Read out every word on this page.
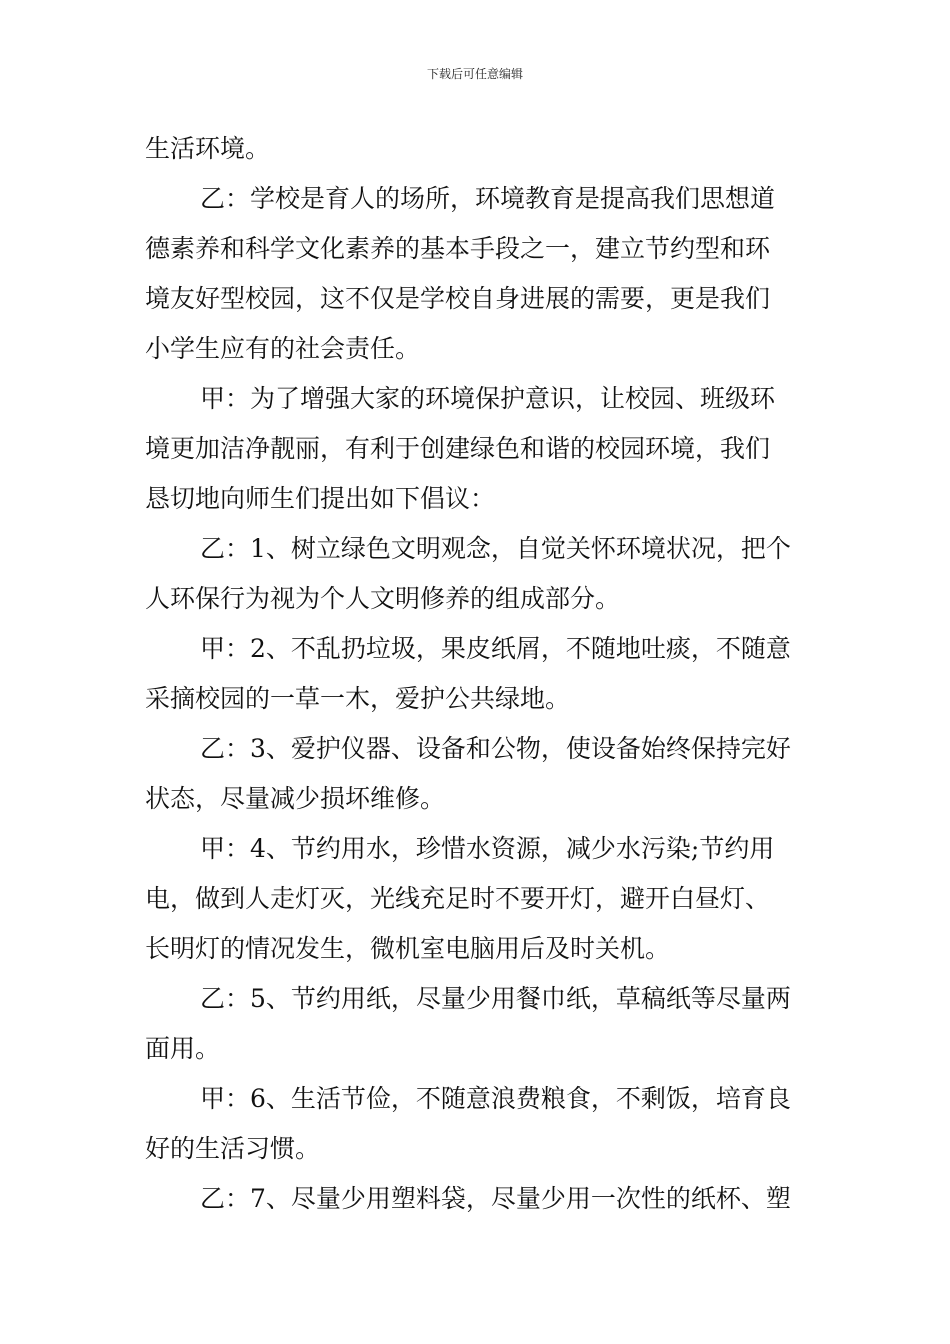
下载后可任意编辑
生活环境。
乙：学校是育人的场所，环境教育是提高我们思想道
德素养和科学文化素养的基本手段之一，建立节约型和环
境友好型校园，这不仅是学校自身进展的需要，更是我们
小学生应有的社会责任。
甲：为了增强大家的环境保护意识，让校园、班级环
境更加洁净靓丽，有利于创建绿色和谐的校园环境，我们
恳切地向师生们提出如下倡议：
乙：1、树立绿色文明观念，自觉关怀环境状况，把个
人环保行为视为个人文明修养的组成部分。
甲：2、不乱扔垃圾，果皮纸屑，不随地吐痰，不随意
采摘校园的一草一木，爱护公共绿地。
乙：3、爱护仪器、设备和公物，使设备始终保持完好
状态，尽量减少损坏维修。
甲：4、节约用水，珍惜水资源，减少水污染;节约用
电，做到人走灯灭，光线充足时不要开灯，避开白昼灯、
长明灯的情况发生，微机室电脑用后及时关机。
乙：5、节约用纸，尽量少用餐巾纸，草稿纸等尽量两
面用。
甲：6、生活节俭，不随意浪费粮食，不剩饭，培育良
好的生活习惯。
乙：7、尽量少用塑料袋，尽量少用一次性的纸杯、塑
